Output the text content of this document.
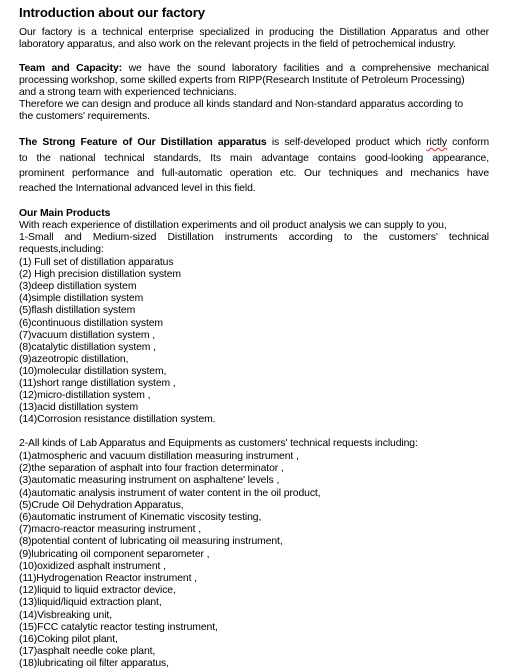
Introduction about our factory
Our factory is a technical enterprise specialized in producing the Distillation Apparatus and other
laboratory apparatus, and also work on the relevant projects in the field of petrochemical industry.
Team and Capacity: we have the sound laboratory facilities and a comprehensive mechanical
processing workshop, some skilled experts from RIPP(Research Institute of Petroleum Processing)
and a strong team with experienced technicians.
Therefore we can design and produce all kinds standard and Non-standard apparatus according to
the customers' requirements.
The Strong Feature of Our Distillation apparatus is self-developed product which rictly conform
to the national technical standards, Its main advantage contains good-looking appearance,
prominent performance and full-automatic operation etc. Our techniques and mechanics have
reached the International advanced level in this field.
Our Main Products
With reach experience of distillation experiments and oil product analysis we can supply to you,
1-Small and Medium-sized Distillation instruments according to the customers' technical
requests,including:
(1) Full set of distillation apparatus
(2) High precision distillation system
(3)deep distillation system
(4)simple distillation system
(5)flash distillation system
(6)continuous distillation system
(7)vacuum distillation system ,
(8)catalytic distillation system ,
(9)azeotropic distillation,
(10)molecular distillation system,
(11)short range distillation system ,
(12)micro-distillation system ,
(13)acid distillation system
(14)Corrosion resistance distillation system.
2-All kinds of Lab Apparatus and Equipments as customers' technical requests including:
(1)atmospheric and vacuum distillation measuring instrument ,
(2)the separation of asphalt into four fraction determinator ,
(3)automatic measuring instrument on asphaltene' levels ,
(4)automatic analysis instrument of water content in the oil product,
(5)Crude Oil Dehydration Apparatus,
(6)automatic instrument of Kinematic viscosity testing,
(7)macro-reactor measuring instrument ,
(8)potential content of lubricating oil measuring instrument,
(9)lubricating oil component separometer ,
(10)oxidized asphalt instrument ,
(11)Hydrogenation Reactor instrument ,
(12)liquid to liquid extractor device,
(13)liquid/liquid extraction plant,
(14)Visbreaking unit,
(15)FCC catalytic reactor testing instrument,
(16)Coking pilot plant,
(17)asphalt needle coke plant,
(18)lubricating oil filter apparatus,
